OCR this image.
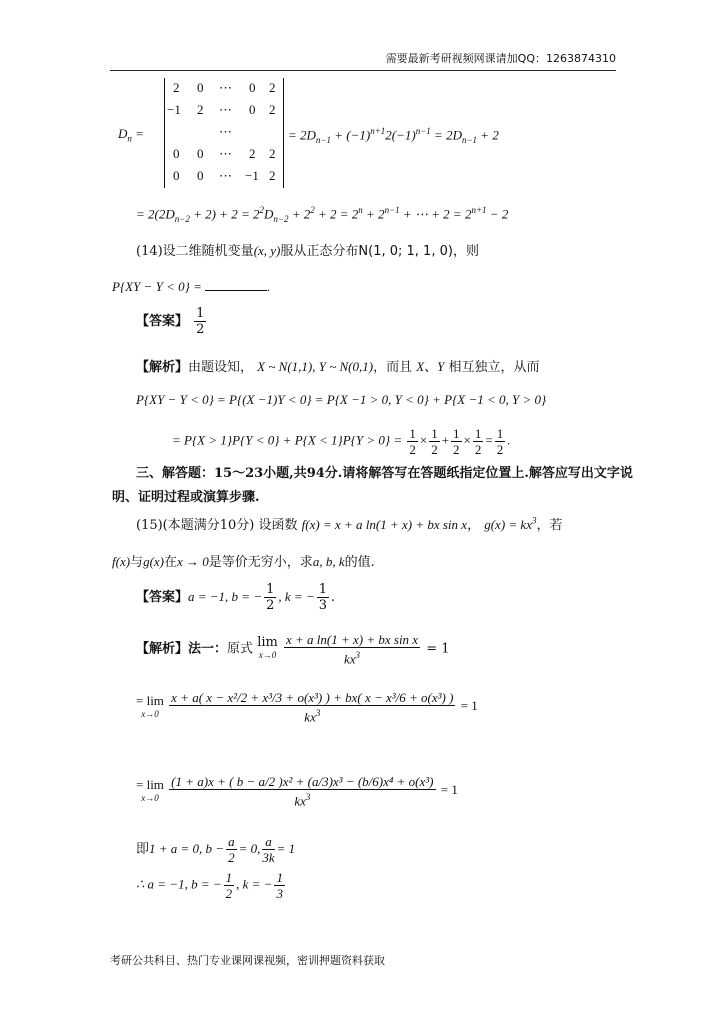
需要最新考研视频网课请加QQ：1263874310
$D_n$ =
2 0 ⋯ 0 2
−1 2 ⋯ 0 2
⋯
0 0 ⋯ 2 2
0 0 ⋯ −1 2
= $2D_{n-1} + (-1)^{n+1}2(-1)^{n-1} = 2D_{n-1} + 2$
= $2(2D_{n-2} + 2) + 2 = 2^2D_{n-2} + 2^2 + 2 = 2^n + 2^{n-1}$ + ⋯ + $2 = 2^{n+1} - 2$
(14)设二维随机变量(x, y)服从正态分布N(1, 0; 1, 1, 0)，则
P{XY − Y < 0} =	.
【答案】 $\frac{1}{2}$
【解析】由题设知， X ~ N(1,1), Y ~ N(0,1)，而且 X、Y 相互独立，从而
P{XY − Y < 0} = P{(X −1)Y < 0} = P{X −1 > 0, Y < 0} + P{X −1 < 0, Y > 0}
= $P\{X > 1\}P\{Y < 0\} + P\{X < 1\}P\{Y > 0\} = \frac{1}{2} \times \frac{1}{2} + \frac{1}{2} \times \frac{1}{2} = \frac{1}{2}$ .
三、解答题：15～23小题,共94分.请将解答写在答题纸指定位置上.解答应写出文字说
明、证明过程或演算步骤.
(15)(本题满分10分) 设函数 f(x) = x + a ln(1 + x) + bx sin x， $g(x) = kx^3$，若
f(x)与g(x)在x → 0是等价无穷小，求a, b, k的值.
【答案】a = −1, b = − $\frac{1}{2}$ , k = − $\frac{1}{3}$ .
【解析】法一：原式 lim
$x\to 0 \frac{\text{x + a ln(1 + x) + bx sin x}}{kx^3} = 1$
= lim
$x\to 0 \frac{\text{x + a( x − x²/2 + x³/3 + o(x³) ) + bx( x − x³/6 + o(x³) )}}{kx^3} = 1$
= lim
$x\to 0 \frac{\text{(1 + a)x + ( b − a/2 )x² + (a/3)x³ − (b/6)x⁴ + o(x³)}}{kx^3} = 1$
即1 + a = 0, $b - \frac{a}{2} = 0$, $\frac{a}{3k} = 1$
∴ a = −1, b = − $\frac{1}{2}$ , k = − $\frac{1}{3}$
考研公共科目、热门专业课网课视频，密训押题资料获取
